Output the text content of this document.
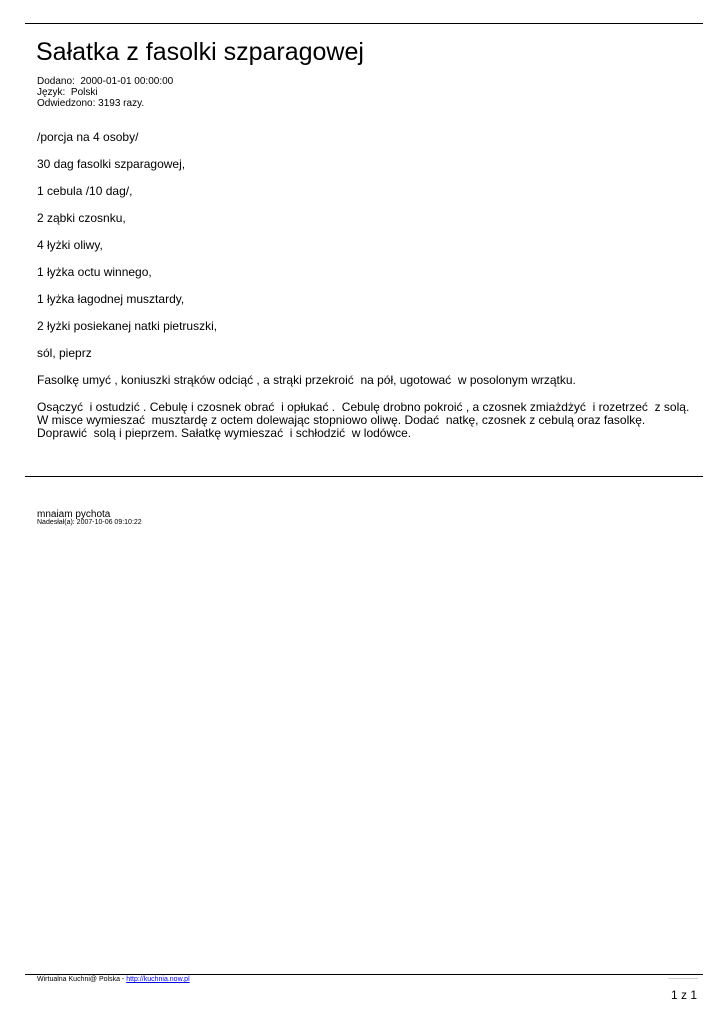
Sałatka z fasolki szparagowej
Dodano:  2000-01-01 00:00:00
Język:  Polski
Odwiedzono: 3193 razy.
/porcja na 4 osoby/
30 dag fasolki szparagowej,
1 cebula /10 dag/,
2 ząbki czosnku,
4 łyżki oliwy,
1 łyżka octu winnego,
1 łyżka łagodnej musztardy,
2 łyżki posiekanej natki pietruszki,
sól, pieprz
Fasolkę umyć , koniuszki strąków odciąć , a strąki przekroić  na pół, ugotować  w posolonym wrzątku.
Osączyć  i ostudzić . Cebulę i czosnek obrać  i opłukać .  Cebulę drobno pokroić , a czosnek zmiażdżyć  i rozetrzeć  z solą.
W misce wymieszać  musztardę z octem dolewając stopniowo oliwę. Dodać  natkę, czosnek z cebulą oraz fasolkę.
Doprawić  solą i pieprzem. Sałatkę wymieszać  i schłodzić  w lodówce.
mnaiam pychota
Nadesłał(a): 2007-10-06 09:10:22
Wirtualna Kuchni@ Polska - http://kuchnia.now.pl
1 z 1
